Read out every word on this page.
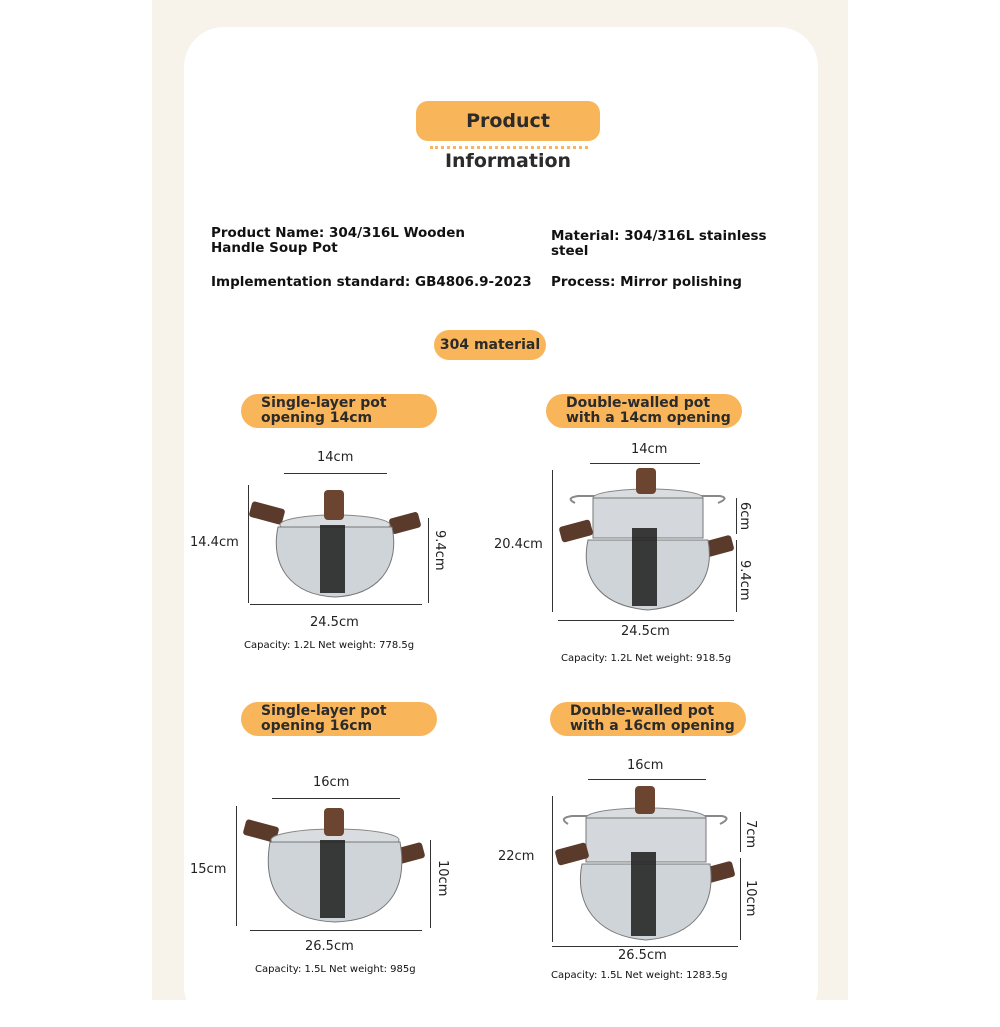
Product Information
Product Name: 304/316L Wooden Handle Soup Pot
Material: 304/316L stainless steel
Implementation standard: GB4806.9-2023	Process: Mirror polishing
304 material
Single-layer pot
opening 14cm
14cm
14.4cm	9.4cm
24.5cm
Capacity: 1.2L Net weight: 778.5g
Double-walled pot
with a 14cm opening
14cm
20.4cm
6cm
9.4cm
24.5cm
Capacity: 1.2L Net weight: 918.5g
Single-layer pot
opening 16cm
16cm
15cm	10cm
26.5cm
Capacity: 1.5L Net weight: 985g
Double-walled pot
with a 16cm opening
16cm
22cm
7cm
10cm
26.5cm
Capacity: 1.5L Net weight: 1283.5g
